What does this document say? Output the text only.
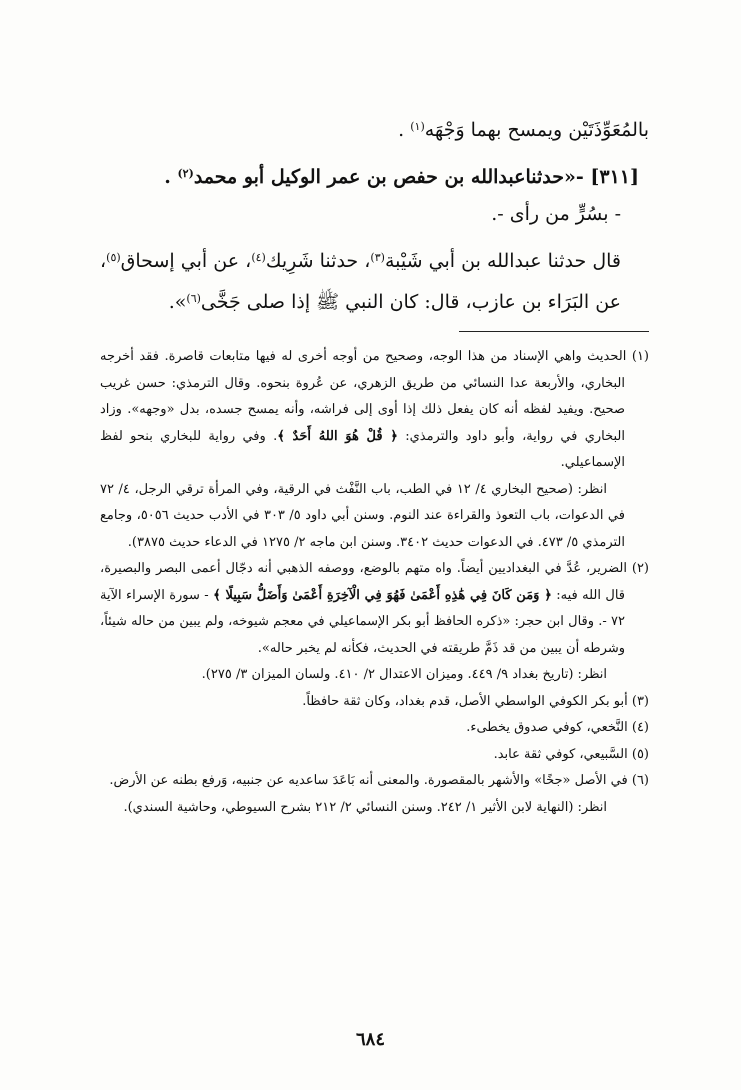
بالمُعَوِّذَتَيْن ويمسح بهما وَجْهَه$^{(١)}$ .

[٣١١] -«حدثناعبدالله بن حفص بن عمر الوكيل أبو محمد$^{(٢)}$ .

- بسُرٍّ من رأى -.

قال حدثنا عبدالله بن أبي شَيْبة$^{(٣)}$، حدثنا شَرِيك$^{(٤)}$، عن أبي إسحاق$^{(٥)}$، عن البَرَاء بن عازب، قال: كان النبي ﷺ إذا صلى جَخَّى$^{(٦)}$».

(١) الحديث واهي الإسناد من هذا الوجه، وصحيح من أوجه أخرى له فيها متابعات قاصرة. فقد أخرجه البخاري، والأربعة عدا النسائي من طريق الزهري، عن عُروة بنحوه. وقال الترمذي: حسن غريب صحيح. ويفيد لفظه أنه كان يفعل ذلك إذا أوى إلى فراشه، وأنه يمسح جسده، بدل «وجهه». وزاد البخاري في رواية، وأبو داود والترمذي: ﴿ قُلْ هُوَ اللهُ أَحَدٌ ﴾. وفي رواية للبخاري بنحو لفظ الإسماعيلي.

انظر: (صحيح البخاري ٤/ ١٢ في الطب، باب النَّفْث في الرقية، وفي المرأة ترقي الرجل، ٤/ ٧٢ في الدعوات، باب التعوذ والقراءة عند النوم. وسنن أبي داود ٥/ ٣٠٣ في الأدب حديث ٥٠٥٦، وجامع الترمذي ٥/ ٤٧٣. في الدعوات حديث ٣٤٠٢. وسنن ابن ماجه ٢/ ١٢٧٥ في الدعاء حديث ٣٨٧٥).

(٢) الضرير، عُدَّ في البغداديين أيضاً. واه متهم بالوضع، ووصفه الذهبي أنه دجّال أعمى البصر والبصيرة، قال الله فيه: ﴿ وَمَن كَانَ فِي هَٰذِهِ أَعْمَىٰ فَهُوَ فِي الْآخِرَةِ أَعْمَىٰ وَأَضَلُّ سَبِيلًا ﴾ - سورة الإسراء الآية ٧٢ -. وقال ابن حجر: «ذكره الحافظ أبو بكر الإسماعيلي في معجم شيوخه، ولم يبين من حاله شيئاً، وشرطه أن يبين من قد ذَمَّ طريقته في الحديث، فكأنه لم يخبر حاله».

انظر: (تاريخ بغداد ٩/ ٤٤٩. وميزان الاعتدال ٢/ ٤١٠. ولسان الميزان ٣/ ٢٧٥).

(٣) أبو بكر الكوفي الواسطي الأصل، قدم بغداد، وكان ثقة حافظاً.

(٤) النَّخعي، كوفي صدوق يخطىء.

(٥) السَّبيعي، كوفي ثقة عابد.

(٦) في الأصل «جخًا» والأشهر بالمقصورة. والمعنى أنه بَاعَدَ ساعديه عن جنبيه، وَرفع بطنه عن الأرض.

انظر: (النهاية لابن الأثير ١/ ٢٤٢. وسنن النسائي ٢/ ٢١٢ بشرح السيوطي، وحاشية السندي).

٦٨٤
